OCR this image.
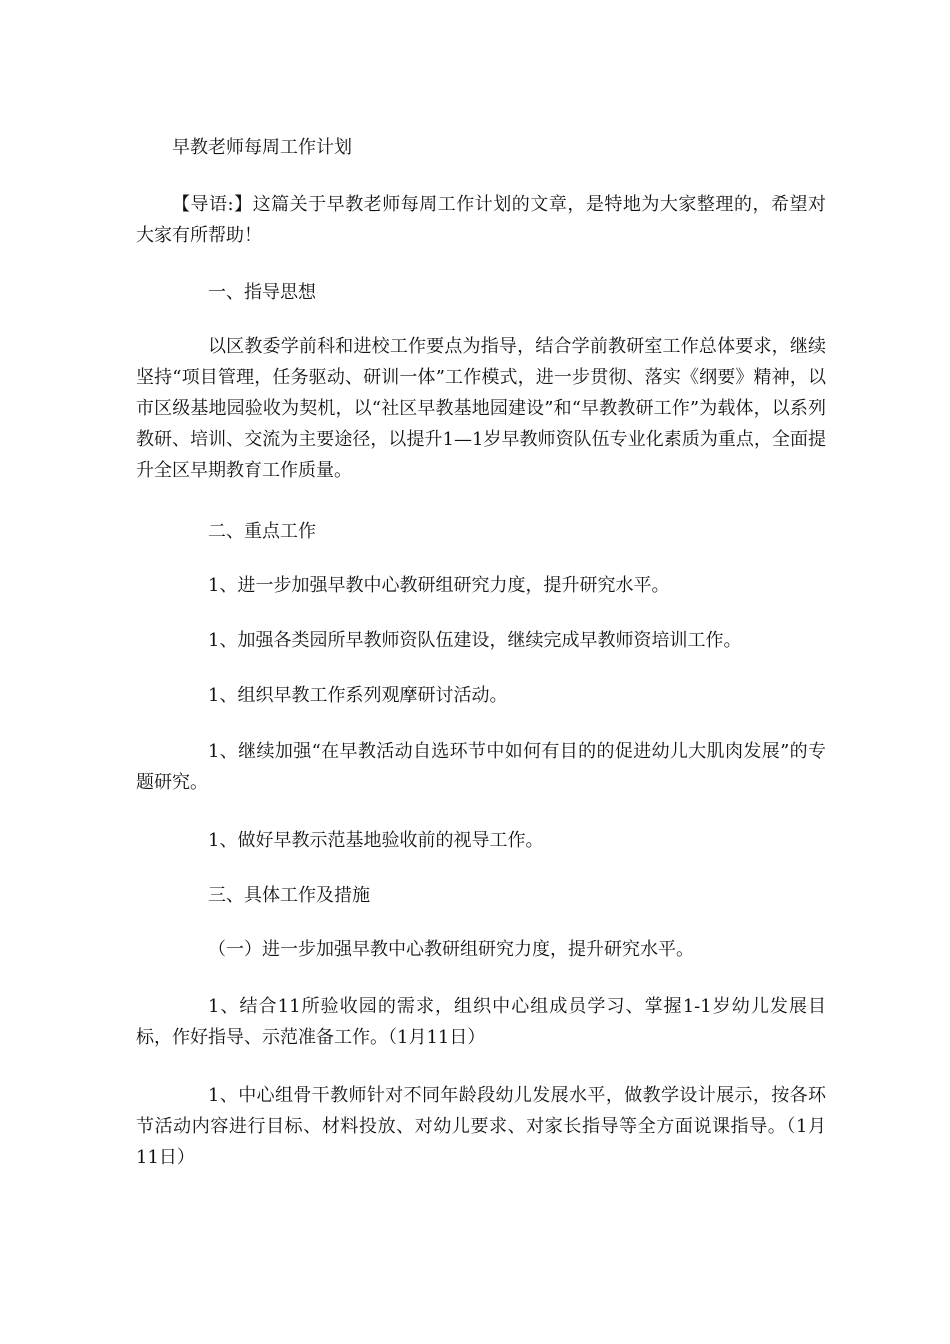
早教老师每周工作计划
【导语:】这篇关于早教老师每周工作计划的文章，是特地为大家整理的，希望对大家有所帮助！
一、指导思想
以区教委学前科和进校工作要点为指导，结合学前教研室工作总体要求，继续坚持“项目管理，任务驱动、研训一体”工作模式，进一步贯彻、落实《纲要》精神，以市区级基地园验收为契机，以“社区早教基地园建设”和“早教教研工作”为载体，以系列教研、培训、交流为主要途径，以提升1—1岁早教师资队伍专业化素质为重点，全面提升全区早期教育工作质量。
二、重点工作
1、进一步加强早教中心教研组研究力度，提升研究水平。
1、加强各类园所早教师资队伍建设，继续完成早教师资培训工作。
1、组织早教工作系列观摩研讨活动。
1、继续加强“在早教活动自选环节中如何有目的的促进幼儿大肌肉发展”的专题研究。
1、做好早教示范基地验收前的视导工作。
三、具体工作及措施
（一）进一步加强早教中心教研组研究力度，提升研究水平。
1、结合11所验收园的需求，组织中心组成员学习、掌握1-1岁幼儿发展目标，作好指导、示范准备工作。（1月11日）
1、中心组骨干教师针对不同年龄段幼儿发展水平，做教学设计展示，按各环节活动内容进行目标、材料投放、对幼儿要求、对家长指导等全方面说课指导。（1月11日）
